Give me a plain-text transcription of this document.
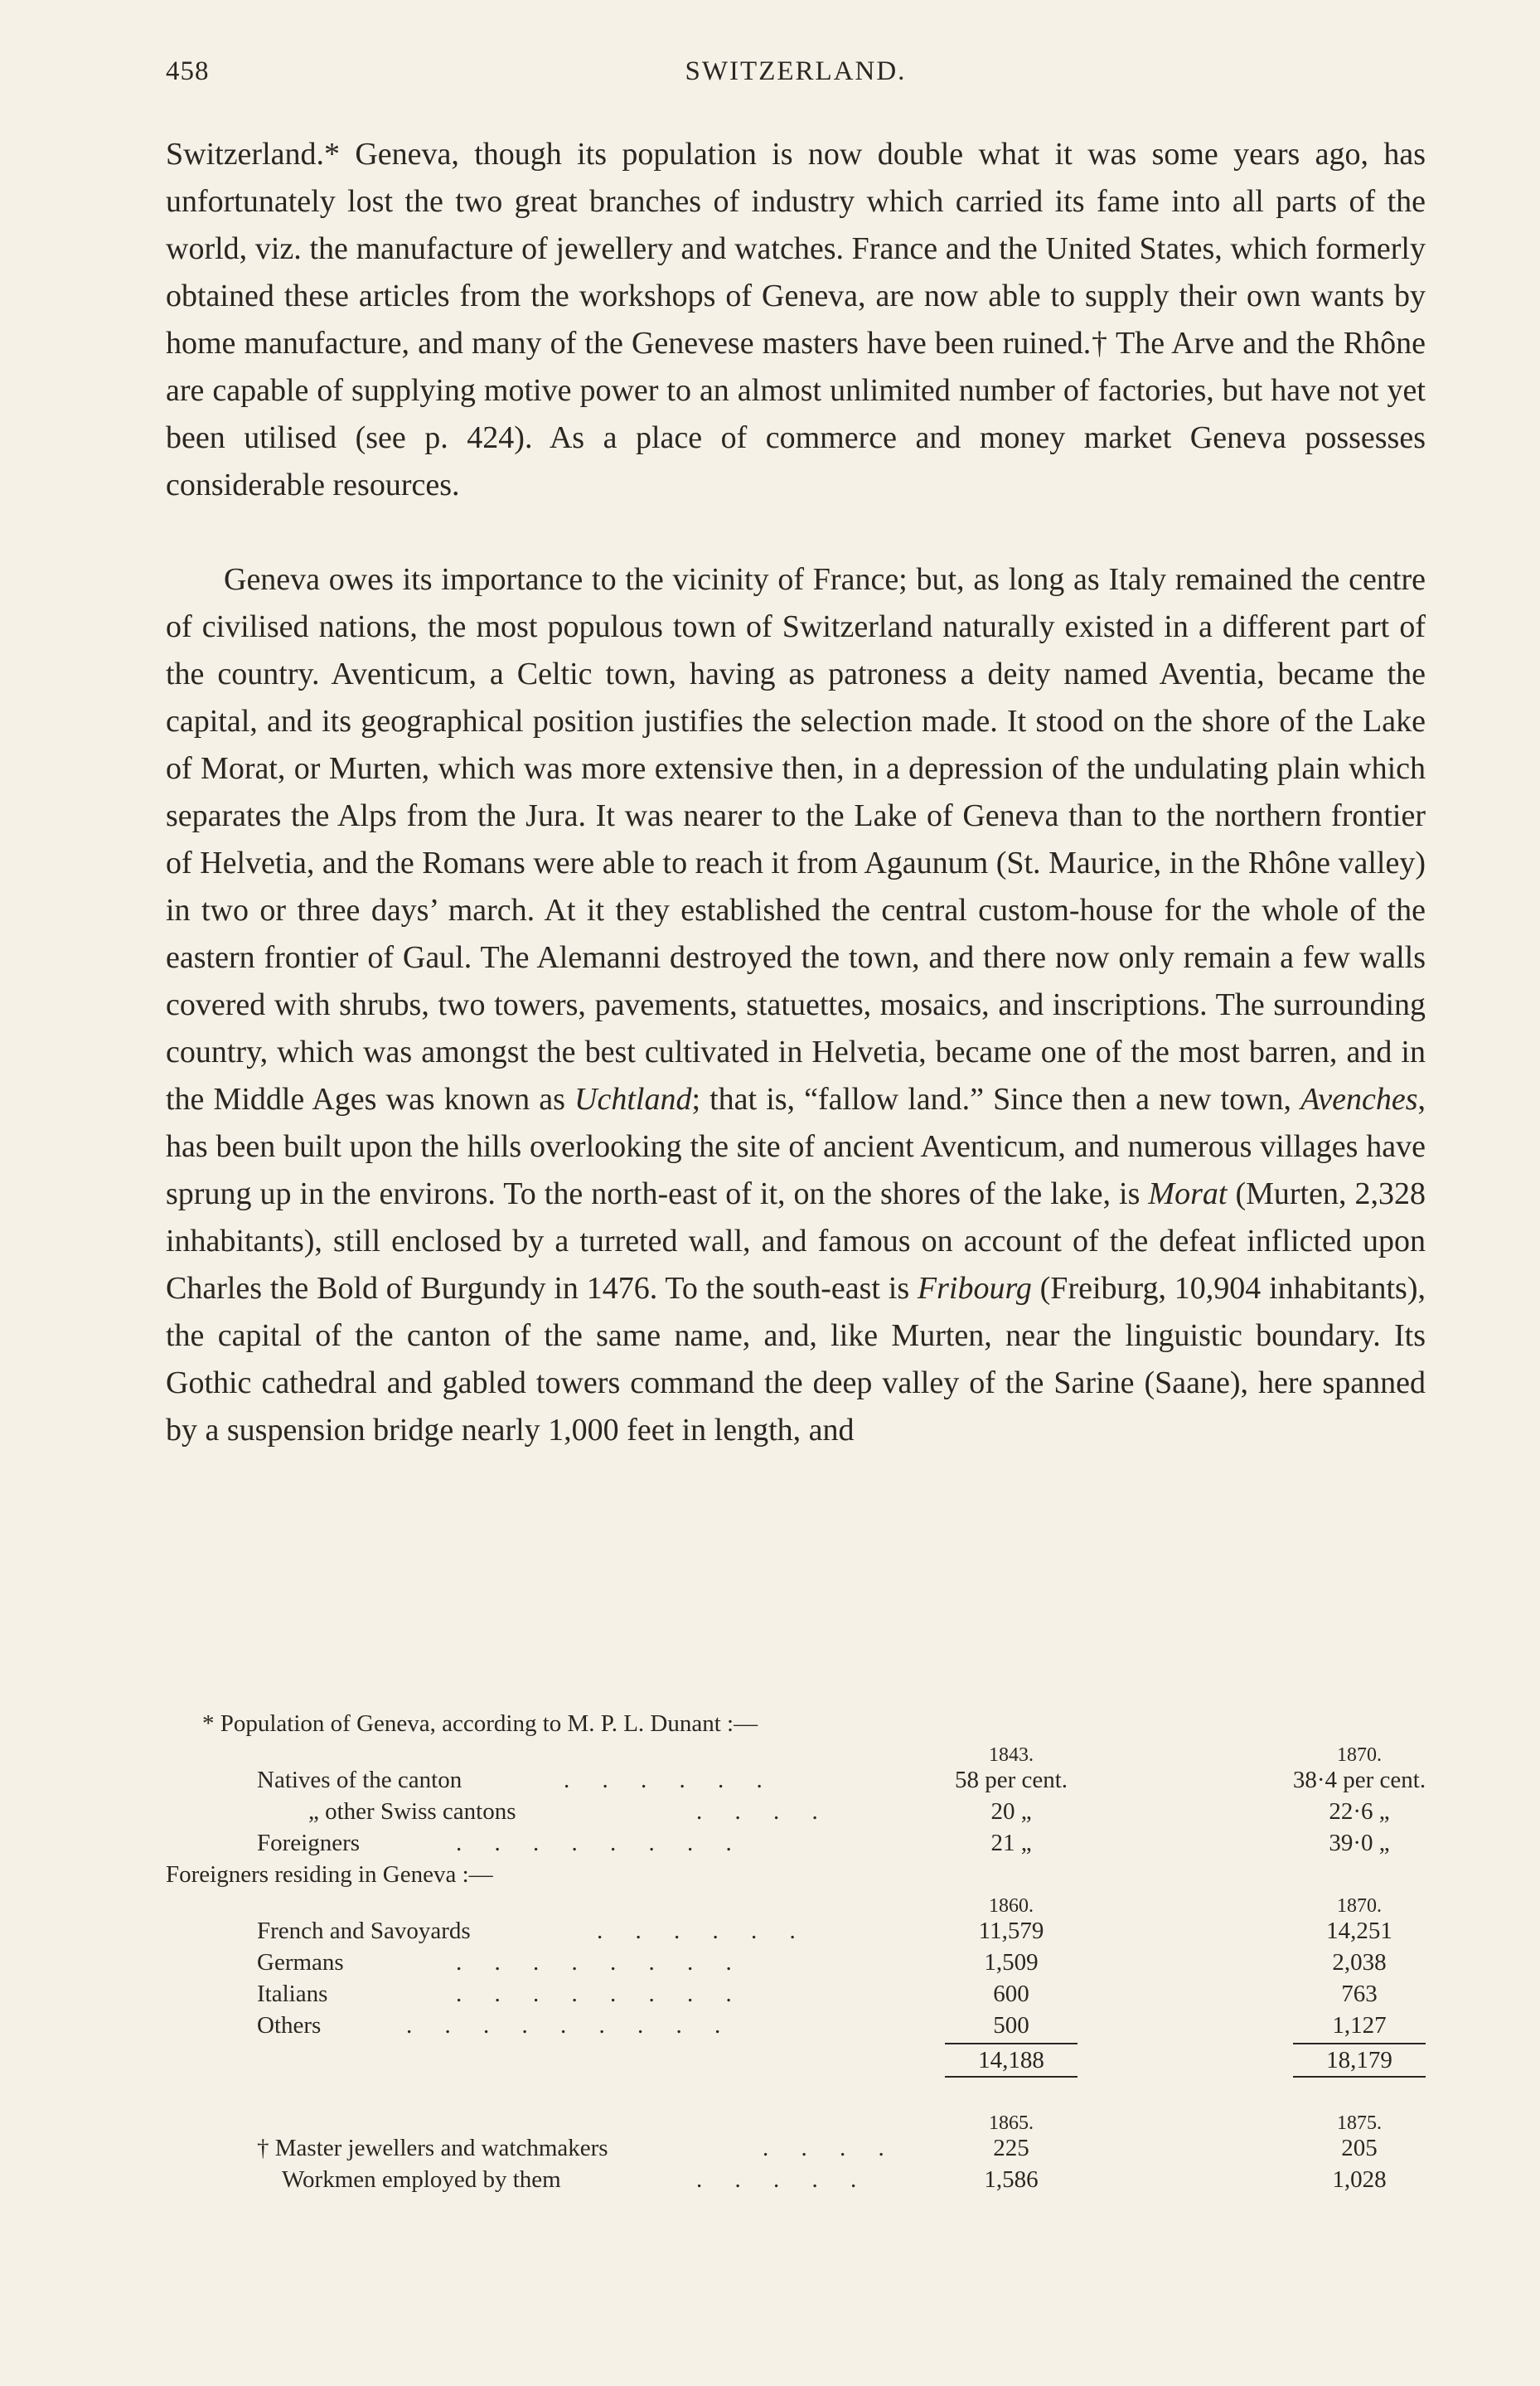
458	SWITZERLAND.

Switzerland.* Geneva, though its population is now double what it was some years ago, has unfortunately lost the two great branches of industry which carried its fame into all parts of the world, viz. the manufacture of jewellery and watches. France and the United States, which formerly obtained these articles from the workshops of Geneva, are now able to supply their own wants by home manufacture, and many of the Genevese masters have been ruined.† The Arve and the Rhône are capable of supplying motive power to an almost unlimited number of factories, but have not yet been utilised (see p. 424). As a place of commerce and money market Geneva possesses considerable resources.

Geneva owes its importance to the vicinity of France; but, as long as Italy remained the centre of civilised nations, the most populous town of Switzerland naturally existed in a different part of the country. Aventicum, a Celtic town, having as patroness a deity named Aventia, became the capital, and its geographical position justifies the selection made. It stood on the shore of the Lake of Morat, or Murten, which was more extensive then, in a depression of the undulating plain which separates the Alps from the Jura. It was nearer to the Lake of Geneva than to the northern frontier of Helvetia, and the Romans were able to reach it from Agaunum (St. Maurice, in the Rhône valley) in two or three days’ march. At it they established the central custom-house for the whole of the eastern frontier of Gaul. The Alemanni destroyed the town, and there now only remain a few walls covered with shrubs, two towers, pavements, statuettes, mosaics, and inscriptions. The surrounding country, which was amongst the best cultivated in Helvetia, became one of the most barren, and in the Middle Ages was known as Uchtland; that is, “fallow land.” Since then a new town, Avenches, has been built upon the hills overlooking the site of ancient Aventicum, and numerous villages have sprung up in the environs. To the north-east of it, on the shores of the lake, is Morat (Murten, 2,328 inhabitants), still enclosed by a turreted wall, and famous on account of the defeat inflicted upon Charles the Bold of Burgundy in 1476. To the south-east is Fribourg (Freiburg, 10,904 inhabitants), the capital of the canton of the same name, and, like Murten, near the linguistic boundary. Its Gothic cathedral and gabled towers command the deep valley of the Sarine (Saane), here spanned by a suspension bridge nearly 1,000 feet in length, and

* Population of Geneva, according to M. P. L. Dunant :—
1843.	1870.
Natives of the canton	. . . . . .	58 per cent.	38·4 per cent.
„ other Swiss cantons	. . . .	20 „	22·6 „
Foreigners	. . . . . . . .	21 „	39·0 „
Foreigners residing in Geneva :—
1860.	1870.
French and Savoyards	. . . . . .	11,579	14,251
Germans	. . . . . . . .	1,509	2,038
Italians	. . . . . . . .	600	763
Others	. . . . . . . . .	500	1,127
14,188	18,179
1865.	1875.
† Master jewellers and watchmakers	. . . .	225	205
Workmen employed by them	. . . . .	1,586	1,028
